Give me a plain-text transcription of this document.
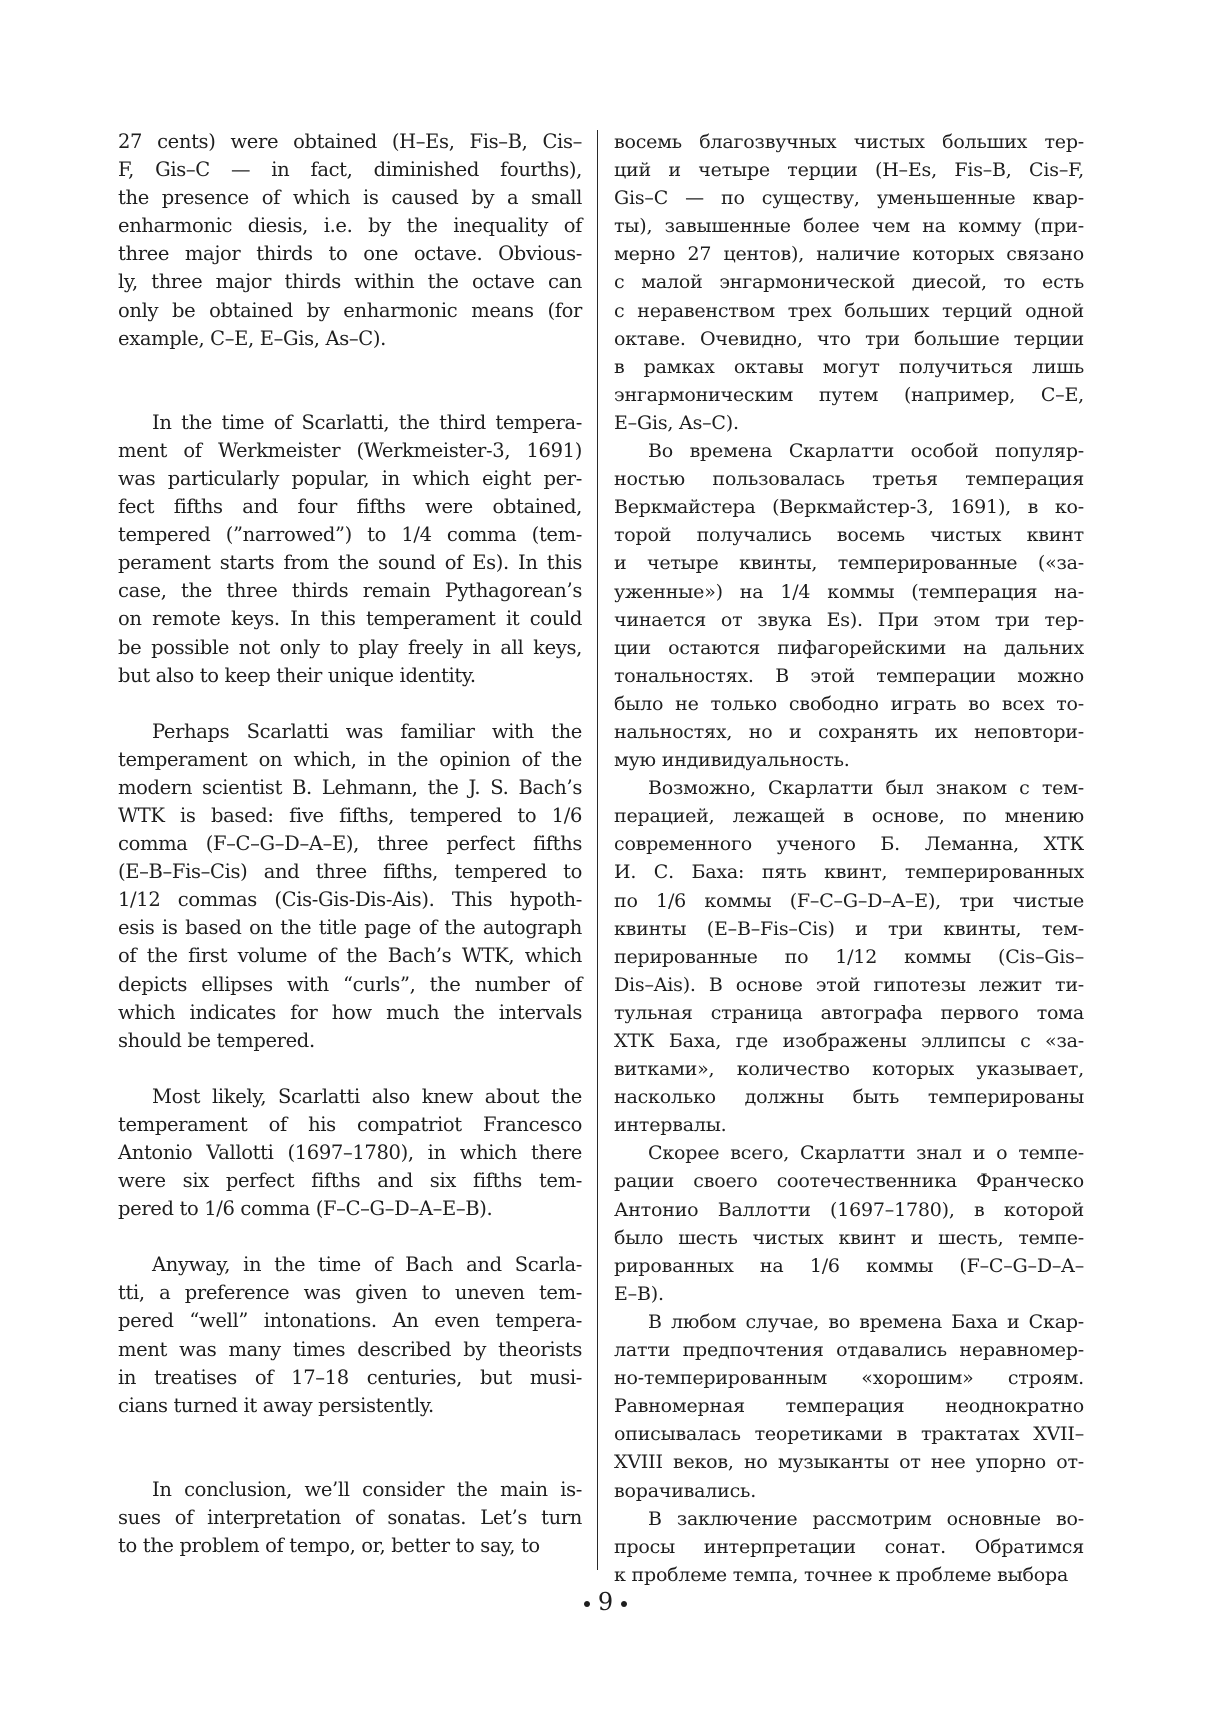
27 cents) were obtained (H–Es, Fis–B, Cis–
F, Gis–C — in fact, diminished fourths),
the presence of which is caused by a small
enharmonic diesis, i.e. by the inequality of
three major thirds to one octave. Obvious-
ly, three major thirds within the octave can
only be obtained by enharmonic means (for
example, C–E, E–Gis, As–C).
In the time of Scarlatti, the third tempera-
ment of Werkmeister (Werkmeister-3, 1691)
was particularly popular, in which eight per-
fect fifths and four fifths were obtained,
tempered (”narrowed”) to 1/4 comma (tem-
perament starts from the sound of Es). In this
case, the three thirds remain Pythagorean’s
on remote keys. In this temperament it could
be possible not only to play freely in all keys,
but also to keep their unique identity.
Perhaps Scarlatti was familiar with the
temperament on which, in the opinion of the
modern scientist B. Lehmann, the J. S. Bach’s
WTK is based: five fifths, tempered to 1/6
comma (F–C–G–D–A–E), three perfect fifths
(E–B–Fis–Cis) and three fifths, tempered to
1/12 commas (Cis-Gis-Dis-Ais). This hypoth-
esis is based on the title page of the autograph
of the first volume of the Bach’s WTK, which
depicts ellipses with “curls”, the number of
which indicates for how much the intervals
should be tempered.
Most likely, Scarlatti also knew about the
temperament of his compatriot Francesco
Antonio Vallotti (1697–1780), in which there
were six perfect fifths and six fifths tem-
pered to 1/6 comma (F–C–G–D–A–E–B).
Anyway, in the time of Bach and Scarla-
tti, a preference was given to uneven tem-
pered “well” intonations. An even tempera-
ment was many times described by theorists
in treatises of 17–18 centuries, but musi-
cians turned it away persistently.
In conclusion, we’ll consider the main is-
sues of interpretation of sonatas. Let’s turn
to the problem of tempo, or, better to say, to
восемь благозвучных чистых больших тер-
ций и четыре терции (H–Es, Fis–B, Cis–F,
Gis–C — по существу, уменьшенные квар-
ты), завышенные более чем на комму (при-
мерно 27 центов), наличие которых связано
с малой энгармонической диесой, то есть
с неравенством трех больших терций одной
октаве. Очевидно, что три большие терции
в рамках октавы могут получиться лишь
энгармоническим путем (например, C–E,
E–Gis, As–C).
Во времена Скарлатти особой популяр-
ностью пользовалась третья темперация
Веркмайстера (Веркмайстер-3, 1691), в ко-
торой получались восемь чистых квинт
и четыре квинты, темперированные («за-
уженные») на 1/4 коммы (темперация на-
чинается от звука Es). При этом три тер-
ции остаются пифагорейскими на дальних
тональностях. В этой темперации можно
было не только свободно играть во всех то-
нальностях, но и сохранять их неповтори-
мую индивидуальность.
Возможно, Скарлатти был знаком с тем-
перацией, лежащей в основе, по мнению
современного ученого Б. Леманна, ХТК
И. С. Баха: пять квинт, темперированных
по 1/6 коммы (F–C–G–D–A–E), три чистые
квинты (E–B–Fis–Cis) и три квинты, тем-
перированные по 1/12 коммы (Cis–Gis–
Dis–Ais). В основе этой гипотезы лежит ти-
тульная страница автографа первого тома
ХТК Баха, где изображены эллипсы с «за-
витками», количество которых указывает,
насколько должны быть темперированы
интервалы.
Скорее всего, Скарлатти знал и о темпе-
рации своего соотечественника Франческо
Антонио Валлотти (1697–1780), в которой
было шесть чистых квинт и шесть, темпе-
рированных на 1/6 коммы (F–C–G–D–A–
E–B).
В любом случае, во времена Баха и Скар-
латти предпочтения отдавались неравномер-
но-темперированным «хорошим» строям.
Равномерная темперация неоднократно
описывалась теоретиками в трактатах XVII–
XVIII веков, но музыканты от нее упорно от-
ворачивались.
В заключение рассмотрим основные во-
просы интерпретации сонат. Обратимся
к проблеме темпа, точнее к проблеме выбора
9
